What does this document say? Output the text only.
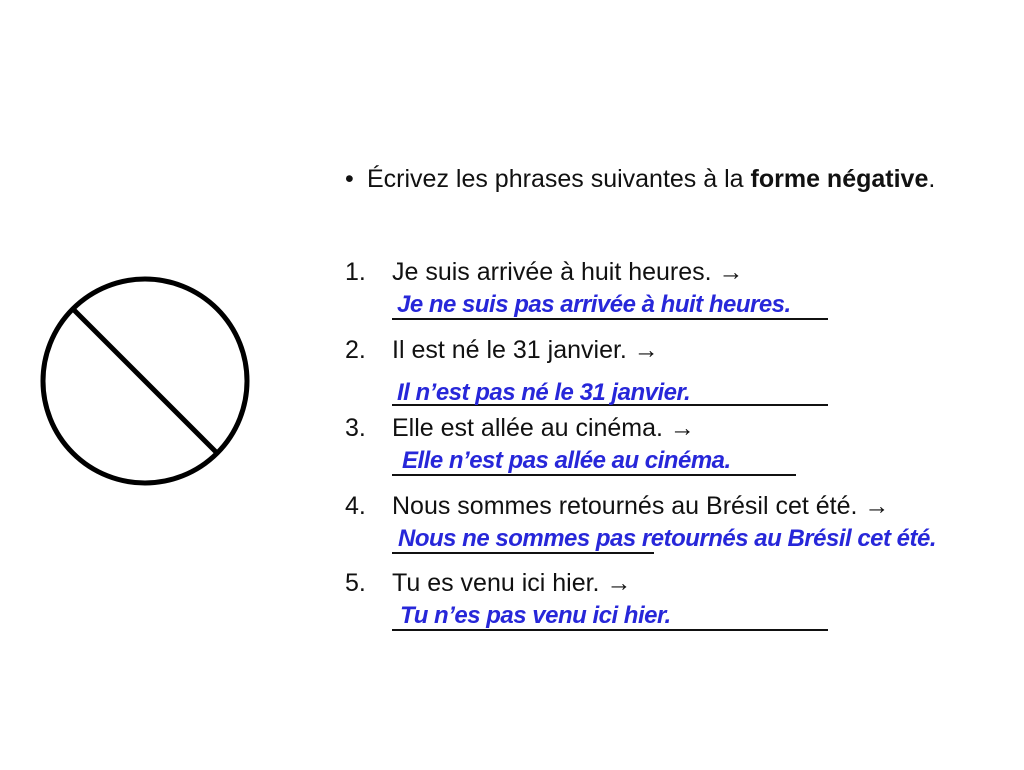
• Écrivez les phrases suivantes à la forme négative.
1. Je suis arrivée à huit heures. →
Je ne suis pas arrivée à huit heures.
2. Il est né le 31 janvier. →
Il n’est pas né le 31 janvier.
3. Elle est allée au cinéma. →
Elle n’est pas allée au cinéma.
4. Nous sommes retournés au Brésil cet été. →
Nous ne sommes pas retournés au Brésil cet été.
5. Tu es venu ici hier. →
Tu n’es pas venu ici hier.
